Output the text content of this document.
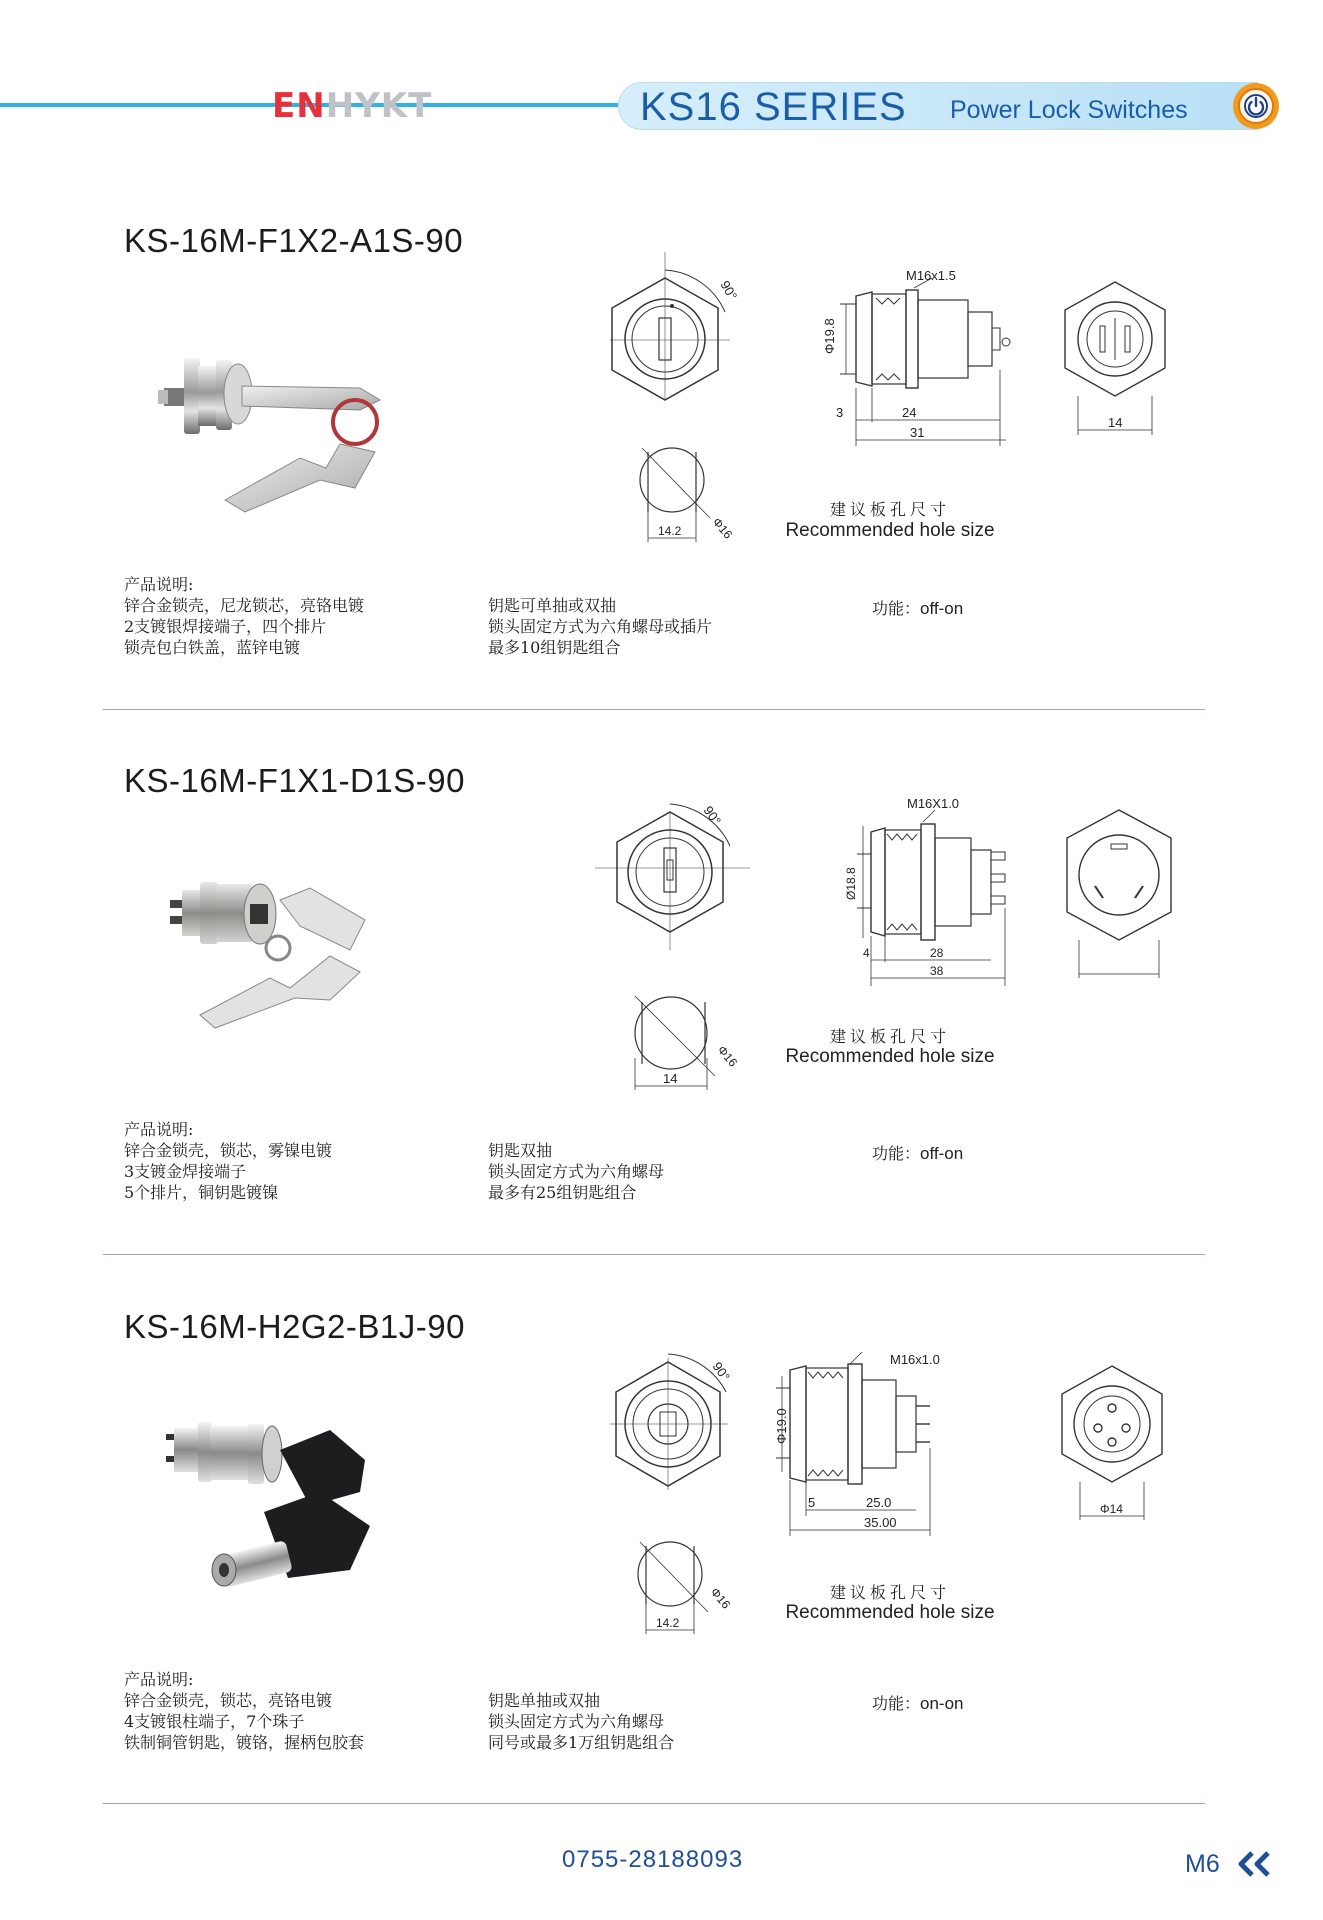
ENHYKT	KS16 SERIES Power Lock Switches
KS-16M-F1X2-A1S-90
90°
Φ19.8
M16x1.5
3	24
31
14
Φ16
14.2
建议板孔尺寸
Recommended hole size
产品说明:
锌合金锁壳，尼龙锁芯，亮铬电镀
2支镀银焊接端子，四个排片
锁壳包白铁盖，蓝锌电镀
钥匙可单抽或双抽
锁头固定方式为六角螺母或插片
最多10组钥匙组合
功能：off-on
KS-16M-F1X1-D1S-90
90°
Ø18.8
M16X1.0
4	28
38
Φ16
14
建议板孔尺寸
Recommended hole size
产品说明:
锌合金锁壳，锁芯，雾镍电镀
3支镀金焊接端子
5个排片，铜钥匙镀镍
钥匙双抽
锁头固定方式为六角螺母
最多有25组钥匙组合
功能：off-on
KS-16M-H2G2-B1J-90
90°
Φ19.0
M16x1.0
5	25.0
35.00
Φ14
Φ16
14.2
建议板孔尺寸
Recommended hole size
产品说明:
锌合金锁壳，锁芯，亮铬电镀
4支镀银柱端子，7个珠子
铁制铜管钥匙，镀铬，握柄包胶套
钥匙单抽或双抽
锁头固定方式为六角螺母
同号或最多1万组钥匙组合
功能：on-on
0755-28188093	M6
